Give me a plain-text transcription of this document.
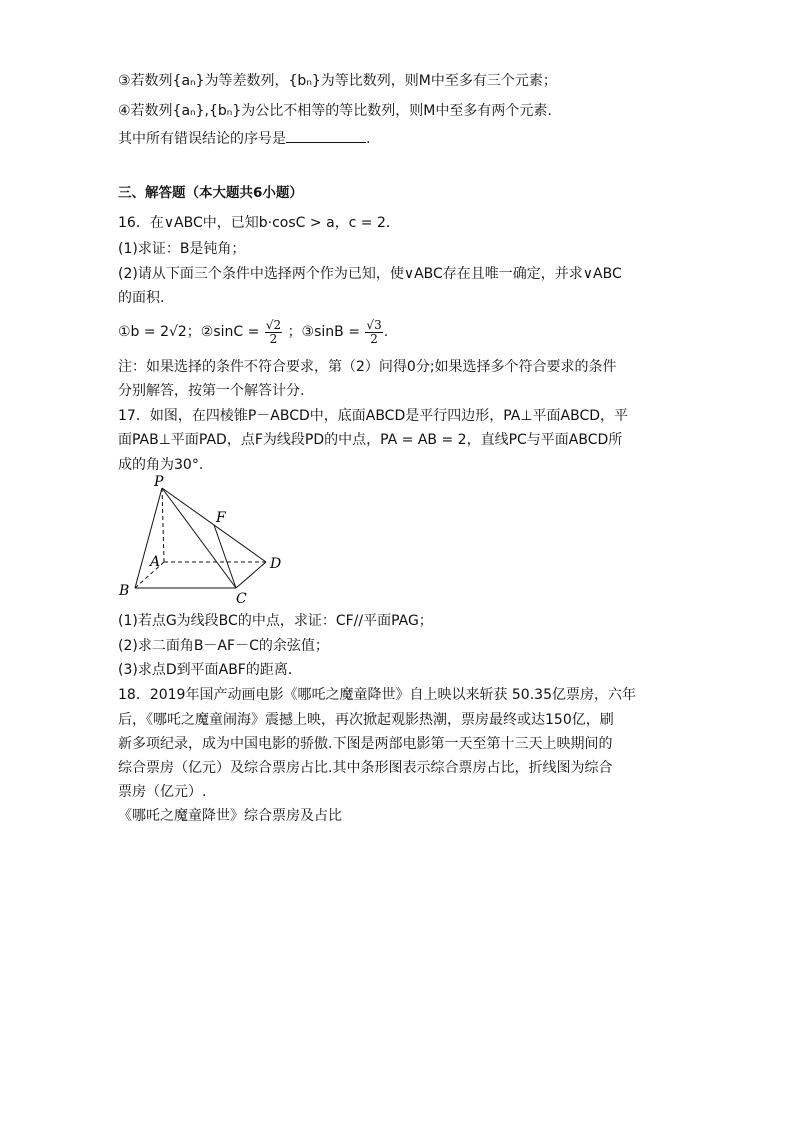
③若数列{aₙ}为等差数列，{bₙ}为等比数列，则M中至多有三个元素；
④若数列{aₙ},{bₙ}为公比不相等的等比数列，则M中至多有两个元素.
其中所有错误结论的序号是	.
三、解答题（本大题共6小题）
16．在∨ABC中，已知b·cosC > a，c = 2．
(1)求证：B是钝角；
(2)请从下面三个条件中选择两个作为已知，使∨ABC存在且唯一确定，并求∨ABC
的面积.
①b = 2√2；②sinC = $\frac{√2}{2}$ ；③sinB = $\frac{√3}{2}$ .
注：如果选择的条件不符合要求，第（2）问得0分;如果选择多个符合要求的条件
分别解答，按第一个解答计分.
17．如图，在四棱锥P－ABCD中，底面ABCD是平行四边形，PA⊥平面ABCD，平
面PAB⊥平面PAD，点F为线段PD的中点，PA = AB = 2，直线PC与平面ABCD所
成的角为30°.
P
F
A	D
B	C
(1)若点G为线段BC的中点，求证：CF//平面PAG；
(2)求二面角B－AF－C的余弦值；
(3)求点D到平面ABF的距离．
18．2019年国产动画电影《哪吒之魔童降世》自上映以来斩获 50.35亿票房，六年
后，《哪吒之魔童闹海》震撼上映，再次掀起观影热潮，票房最终或达150亿，刷
新多项纪录，成为中国电影的骄傲.下图是两部电影第一天至第十三天上映期间的
综合票房（亿元）及综合票房占比.其中条形图表示综合票房占比，折线图为综合
票房（亿元）.
《哪吒之魔童降世》综合票房及占比
